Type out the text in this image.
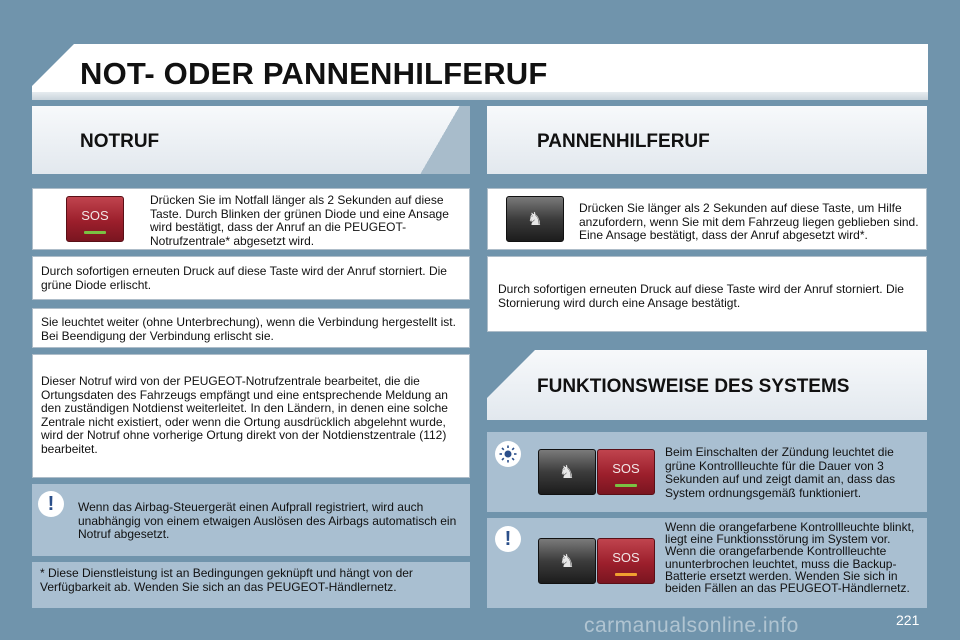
NOT- ODER PANNENHILFERUF
NOTRUF	PANNENHILFERUF
FUNKTIONSWEISE DES SYSTEMS
SOS
Drücken Sie im Notfall länger als 2 Sekunden auf diese Taste. Durch Blinken der grünen Diode und eine Ansage wird bestätigt, dass der Anruf an die PEUGEOT-Notrufzentrale* abgesetzt wird.
Durch sofortigen erneuten Druck auf diese Taste wird der Anruf storniert. Die grüne Diode erlischt.
Sie leuchtet weiter (ohne Unterbrechung), wenn die Verbindung hergestellt ist. Bei Beendigung der Verbindung erlischt sie.
Dieser Notruf wird von der PEUGEOT-Notrufzentrale bearbeitet, die die Ortungsdaten des Fahrzeugs empfängt und eine entsprechende Meldung an den zuständigen Notdienst weiterleitet. In den Ländern, in denen eine solche Zentrale nicht existiert, oder wenn die Ortung ausdrücklich abgelehnt wurde, wird der Notruf ohne vorherige Ortung direkt von der Notdienstzentrale (112) bearbeitet.
!	Wenn das Airbag-Steuergerät einen Aufprall registriert, wird auch unabhängig von einem etwaigen Auslösen des Airbags automatisch ein Notruf abgesetzt.
* Diese Dienstleistung ist an Bedingungen geknüpft und hängt von der Verfügbarkeit ab. Wenden Sie sich an das PEUGEOT-Händlernetz.
♞
Drücken Sie länger als 2 Sekunden auf diese Taste, um Hilfe anzufordern, wenn Sie mit dem Fahrzeug liegen geblieben sind. Eine Ansage bestätigt, dass der Anruf abgesetzt wird*.
Durch sofortigen erneuten Druck auf diese Taste wird der Anruf storniert. Die Stornierung wird durch eine Ansage bestätigt.
♞	SOS
Beim Einschalten der Zündung leuchtet die grüne Kontrollleuchte für die Dauer von 3 Sekunden auf und zeigt damit an, dass das System ordnungsgemäß funktioniert.
!
♞	SOS
Wenn die orangefarbene Kontrollleuchte blinkt, liegt eine Funktionsstörung im System vor. Wenn die orangefarbende Kontrollleuchte ununterbrochen leuchtet, muss die Backup-Batterie ersetzt werden. Wenden Sie sich in beiden Fällen an das PEUGEOT-Händlernetz.
carmanualsonline.info	221
